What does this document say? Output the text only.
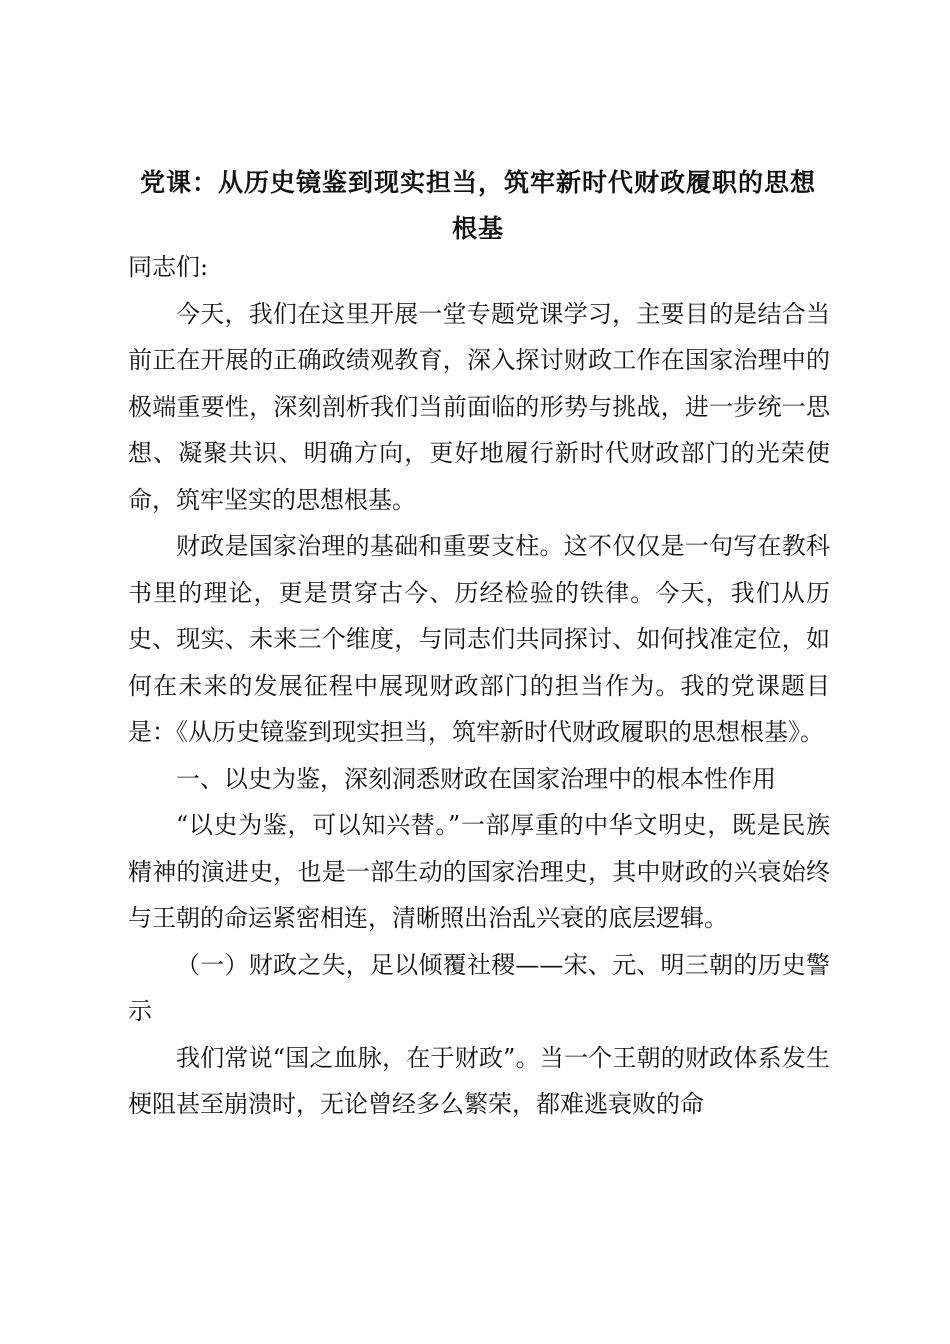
党课：从历史镜鉴到现实担当，筑牢新时代财政履职的思想根基

同志们:

今天，我们在这里开展一堂专题党课学习，主要目的是结合当前正在开展的正确政绩观教育，深入探讨财政工作在国家治理中的极端重要性，深刻剖析我们当前面临的形势与挑战，进一步统一思想、凝聚共识、明确方向，更好地履行新时代财政部门的光荣使命，筑牢坚实的思想根基。

财政是国家治理的基础和重要支柱。这不仅仅是一句写在教科书里的理论，更是贯穿古今、历经检验的铁律。今天，我们从历史、现实、未来三个维度，与同志们共同探讨、如何找准定位，如何在未来的发展征程中展现财政部门的担当作为。我的党课题目是：《从历史镜鉴到现实担当，筑牢新时代财政履职的思想根基》。

一、以史为鉴，深刻洞悉财政在国家治理中的根本性作用

“以史为鉴，可以知兴替。”一部厚重的中华文明史，既是民族精神的演进史，也是一部生动的国家治理史，其中财政的兴衰始终与王朝的命运紧密相连，清晰照出治乱兴衰的底层逻辑。

（一）财政之失，足以倾覆社稷——宋、元、明三朝的历史警示

我们常说“国之血脉，在于财政”。当一个王朝的财政体系发生梗阻甚至崩溃时，无论曾经多么繁荣，都难逃衰败的命
